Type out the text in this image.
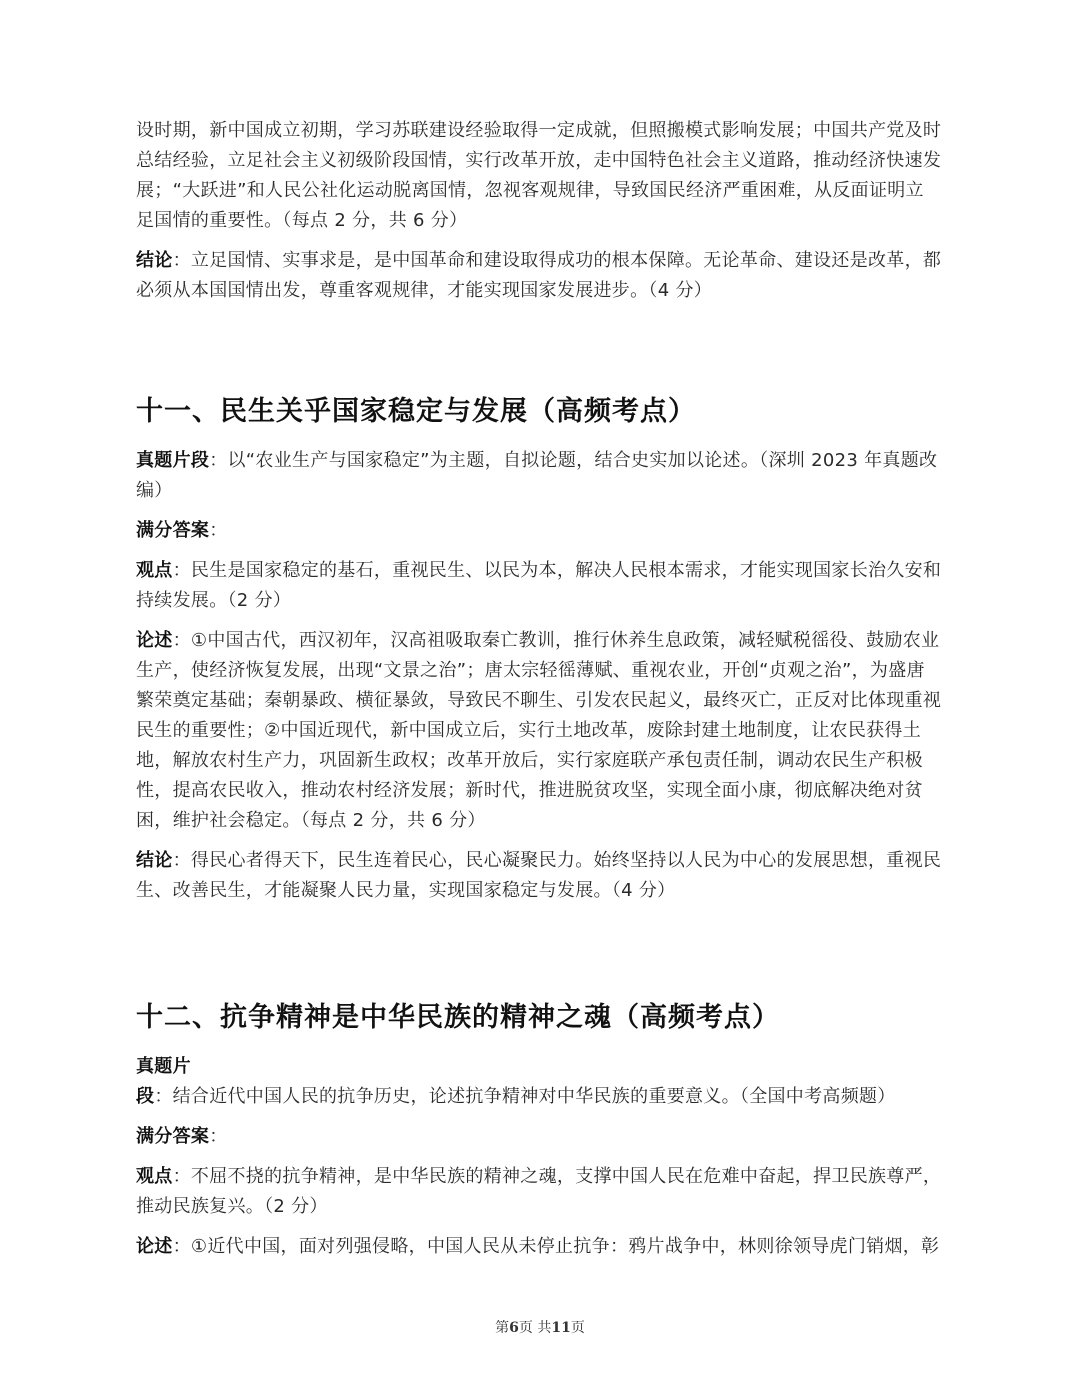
设时期，新中国成立初期，学习苏联建设经验取得一定成就，但照搬模式影响发展；中国共产党及时总结经验，立足社会主义初级阶段国情，实行改革开放，走中国特色社会主义道路，推动经济快速发展；“大跃进”和人民公社化运动脱离国情，忽视客观规律，导致国民经济严重困难，从反面证明立足国情的重要性。（每点 2 分，共 6 分）

结论：立足国情、实事求是，是中国革命和建设取得成功的根本保障。无论革命、建设还是改革，都必须从本国国情出发，尊重客观规律，才能实现国家发展进步。（4 分）

十一、民生关乎国家稳定与发展（高频考点）

真题片段：以“农业生产与国家稳定”为主题，自拟论题，结合史实加以论述。（深圳 2023 年真题改编）

满分答案：

观点：民生是国家稳定的基石，重视民生、以民为本，解决人民根本需求，才能实现国家长治久安和持续发展。（2 分）

论述：①中国古代，西汉初年，汉高祖吸取秦亡教训，推行休养生息政策，减轻赋税徭役、鼓励农业生产，使经济恢复发展，出现“文景之治”；唐太宗轻徭薄赋、重视农业，开创“贞观之治”，为盛唐繁荣奠定基础；秦朝暴政、横征暴敛，导致民不聊生、引发农民起义，最终灭亡，正反对比体现重视民生的重要性；②中国近现代，新中国成立后，实行土地改革，废除封建土地制度，让农民获得土地，解放农村生产力，巩固新生政权；改革开放后，实行家庭联产承包责任制，调动农民生产积极性，提高农民收入，推动农村经济发展；新时代，推进脱贫攻坚，实现全面小康，彻底解决绝对贫困，维护社会稳定。（每点 2 分，共 6 分）

结论：得民心者得天下，民生连着民心，民心凝聚民力。始终坚持以人民为中心的发展思想，重视民生、改善民生，才能凝聚人民力量，实现国家稳定与发展。（4 分）

十二、抗争精神是中华民族的精神之魂（高频考点）

真题片段：结合近代中国人民的抗争历史，论述抗争精神对中华民族的重要意义。（全国中考高频题）

满分答案：

观点：不屈不挠的抗争精神，是中华民族的精神之魂，支撑中国人民在危难中奋起，捍卫民族尊严，推动民族复兴。（2 分）

论述：①近代中国，面对列强侵略，中国人民从未停止抗争：鸦片战争中，林则徐领导虎门销烟，彰

第6页 共11页
